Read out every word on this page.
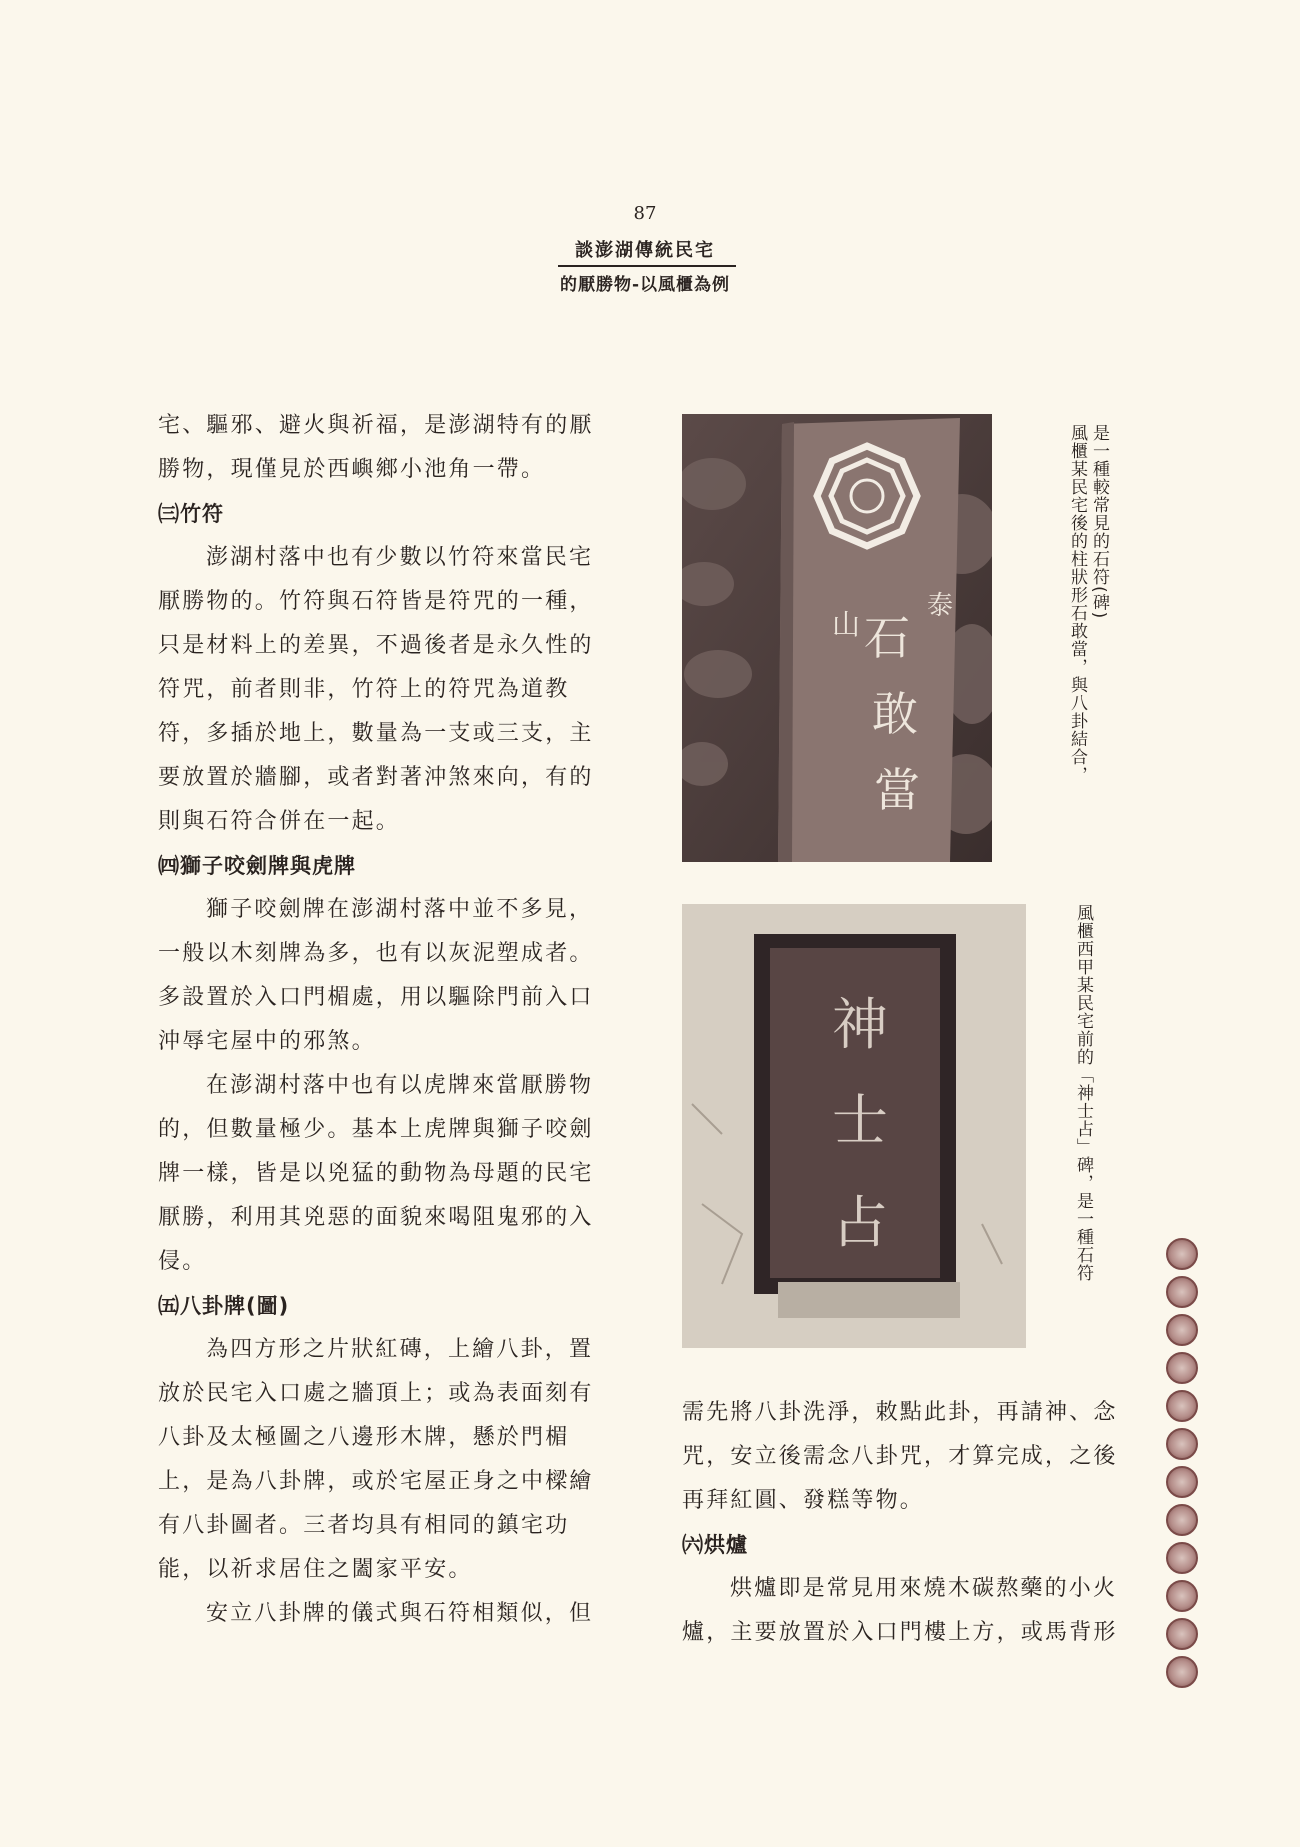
87
談澎湖傳統民宅
的厭勝物-以風櫃為例

宅、驅邪、避火與祈福，是澎湖特有的厭勝物，現僅見於西嶼鄉小池角一帶。

㈢竹符

澎湖村落中也有少數以竹符來當民宅厭勝物的。竹符與石符皆是符咒的一種，只是材料上的差異，不過後者是永久性的符咒，前者則非，竹符上的符咒為道教符，多插於地上，數量為一支或三支，主要放置於牆腳，或者對著沖煞來向，有的則與石符合併在一起。

㈣獅子咬劍牌與虎牌

獅子咬劍牌在澎湖村落中並不多見，一般以木刻牌為多，也有以灰泥塑成者。多設置於入口門楣處，用以驅除門前入口沖辱宅屋中的邪煞。

在澎湖村落中也有以虎牌來當厭勝物的，但數量極少。基本上虎牌與獅子咬劍牌一樣，皆是以兇猛的動物為母題的民宅厭勝，利用其兇惡的面貌來喝阻鬼邪的入侵。

㈤八卦牌(圖)

為四方形之片狀紅磚，上繪八卦，置放於民宅入口處之牆頂上；或為表面刻有八卦及太極圖之八邊形木牌，懸於門楣上，是為八卦牌，或於宅屋正身之中樑繪有八卦圖者。三者均具有相同的鎮宅功能，以祈求居住之闔家平安。

安立八卦牌的儀式與石符相類似，但

山
泰
石
敢
當
是一種較常見的石符(碑)
風櫃某民宅後的柱狀形石敢當，與八卦結合，
神
士
占	風櫃西甲某民宅前的「神士占」碑，是一種石符

需先將八卦洗淨，敕點此卦，再請神、念咒，安立後需念八卦咒，才算完成，之後再拜紅圓、發糕等物。

㈥烘爐

烘爐即是常見用來燒木碳熬藥的小火爐，主要放置於入口門樓上方，或馬背形
